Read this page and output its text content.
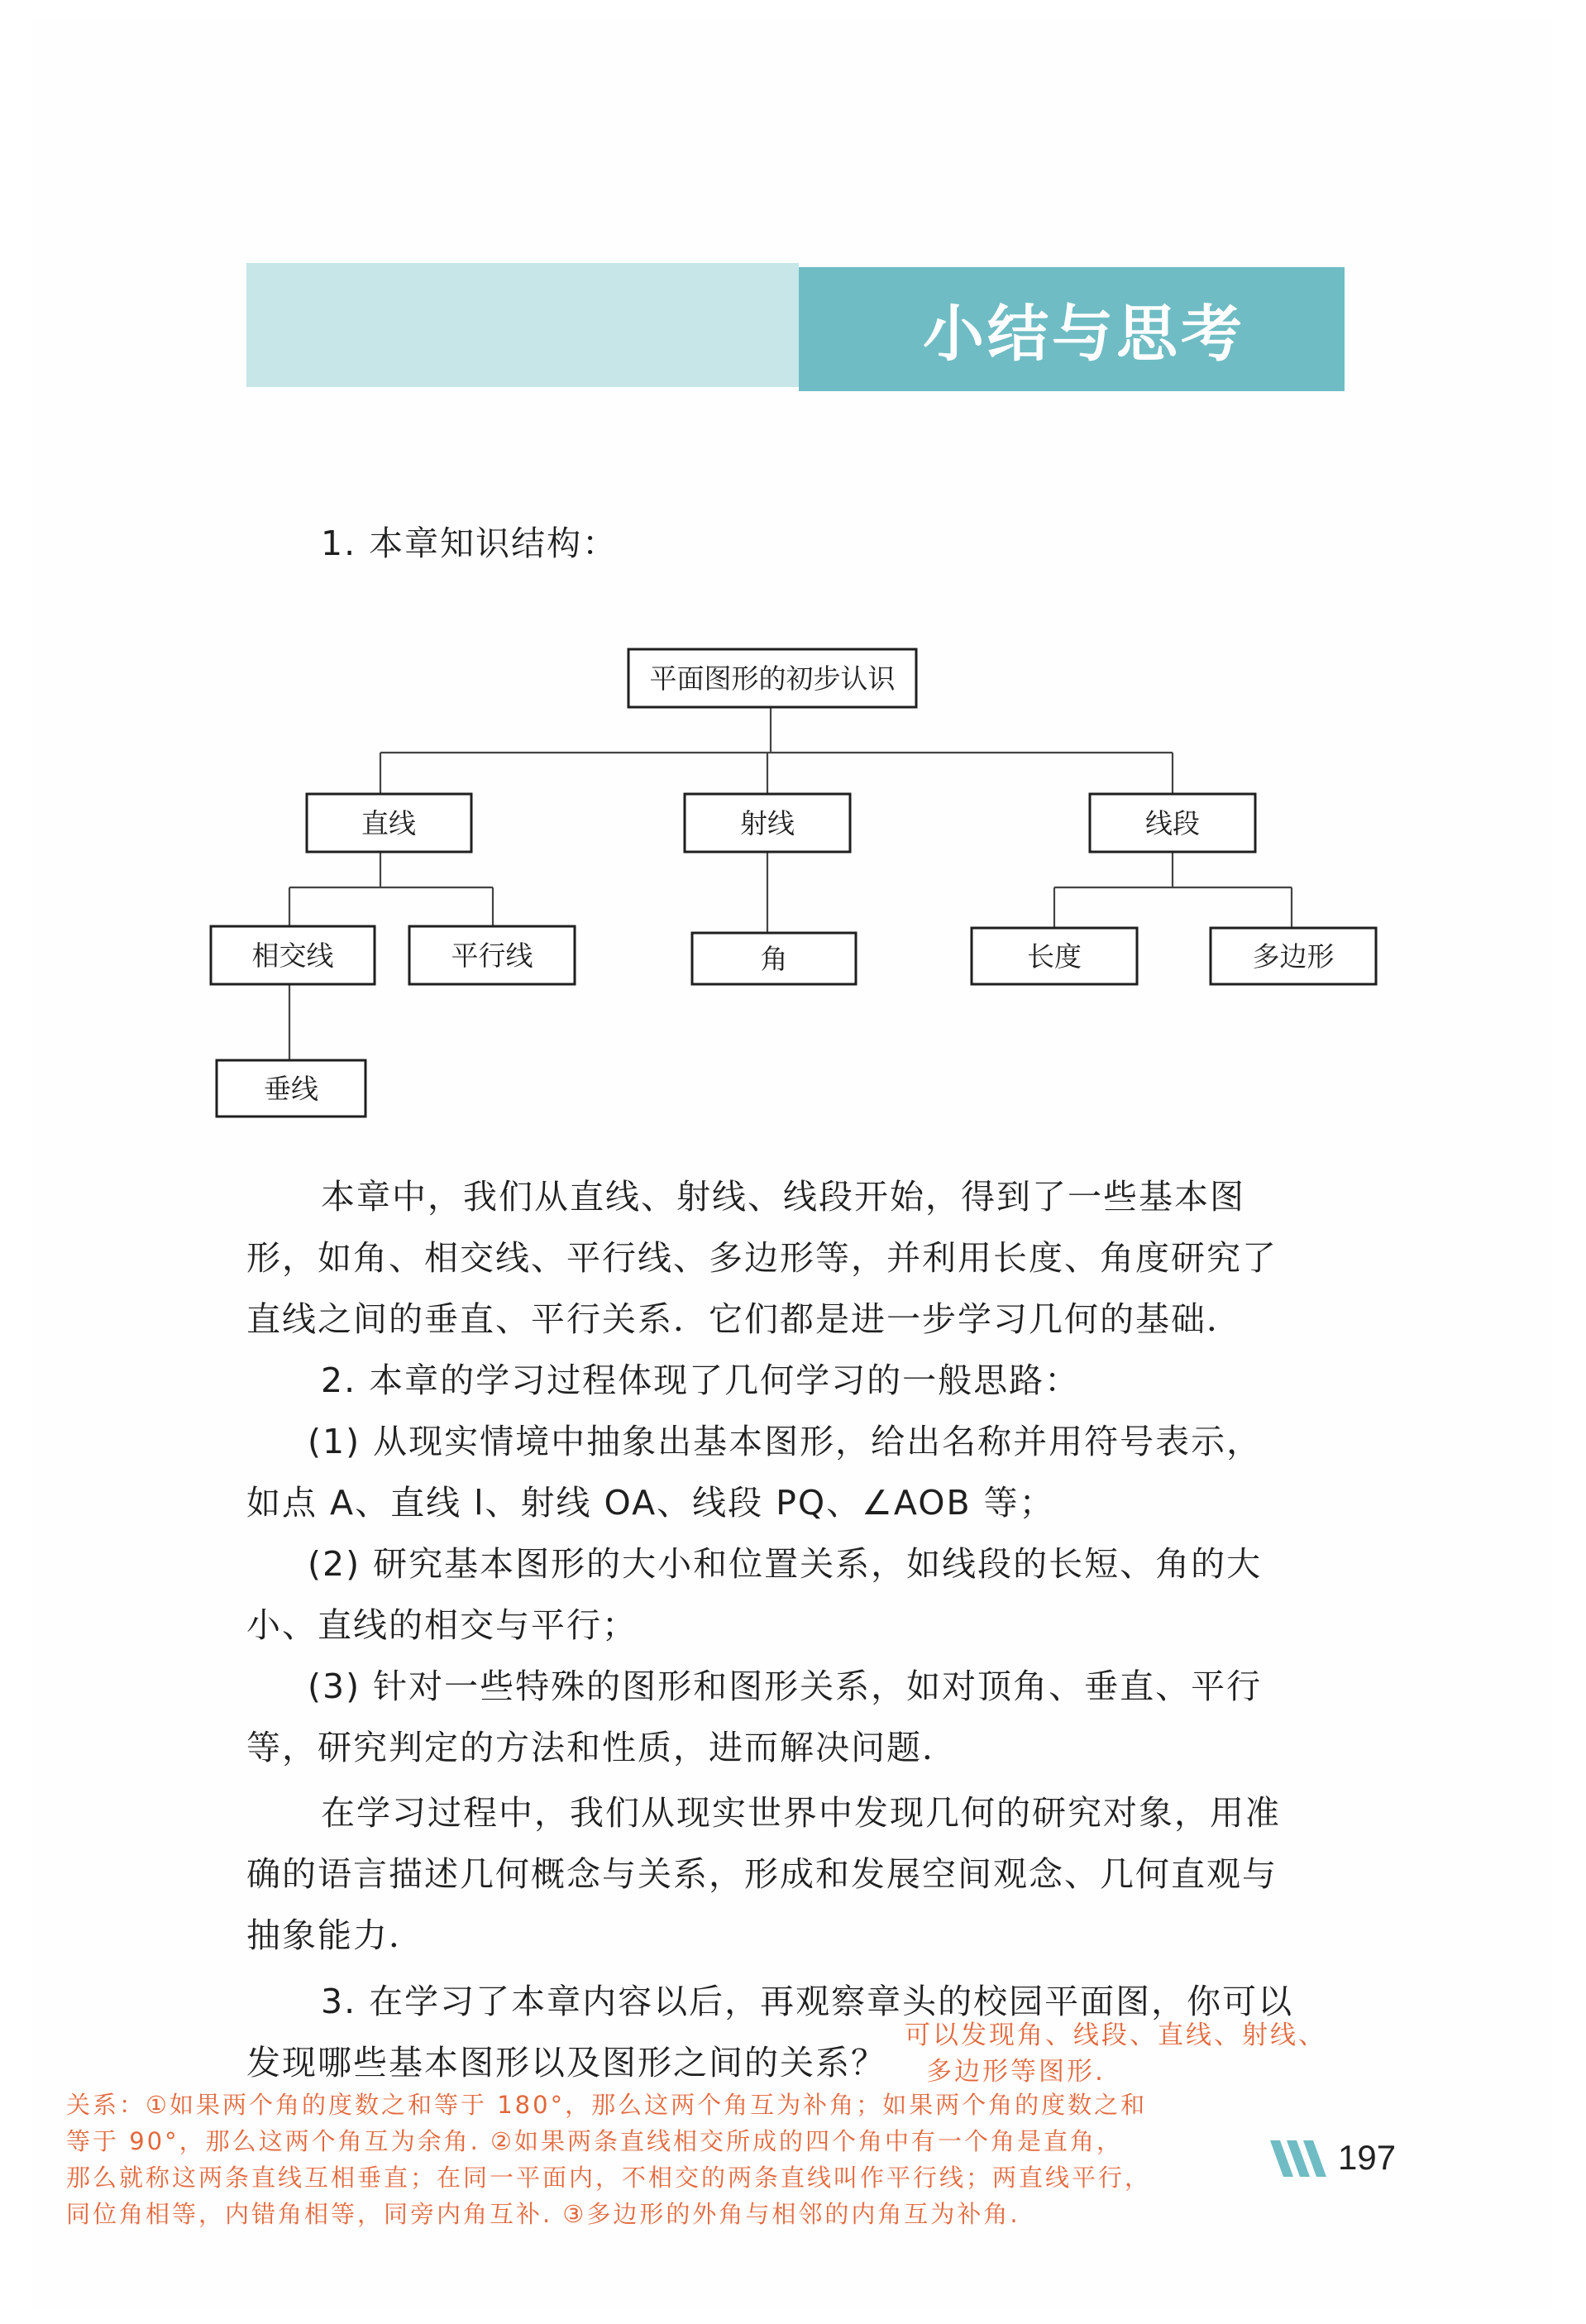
小结与思考
1. 本章知识结构：
平面图形的初步认识
直线	射线	线段
相交线	平行线	角	长度	多边形
垂线
本章中，我们从直线、射线、线段开始，得到了一些基本图
形，如角、相交线、平行线、多边形等，并利用长度、角度研究了
直线之间的垂直、平行关系．它们都是进一步学习几何的基础．
2. 本章的学习过程体现了几何学习的一般思路：
(1) 从现实情境中抽象出基本图形，给出名称并用符号表示，
如点 A、直线 l、射线 OA、线段 PQ、∠AOB 等；
(2) 研究基本图形的大小和位置关系，如线段的长短、角的大
小、直线的相交与平行；
(3) 针对一些特殊的图形和图形关系，如对顶角、垂直、平行
等，研究判定的方法和性质，进而解决问题．
在学习过程中，我们从现实世界中发现几何的研究对象，用准
确的语言描述几何概念与关系，形成和发展空间观念、几何直观与
抽象能力．
3. 在学习了本章内容以后，再观察章头的校园平面图，你可以
发现哪些基本图形以及图形之间的关系？
可以发现角、线段、直线、射线、
多边形等图形.
关系：①如果两个角的度数之和等于 180°，那么这两个角互为补角；如果两个角的度数之和
等于 90°，那么这两个角互为余角. ②如果两条直线相交所成的四个角中有一个角是直角，
那么就称这两条直线互相垂直；在同一平面内，不相交的两条直线叫作平行线；两直线平行，
同位角相等，内错角相等，同旁内角互补. ③多边形的外角与相邻的内角互为补角.
197
